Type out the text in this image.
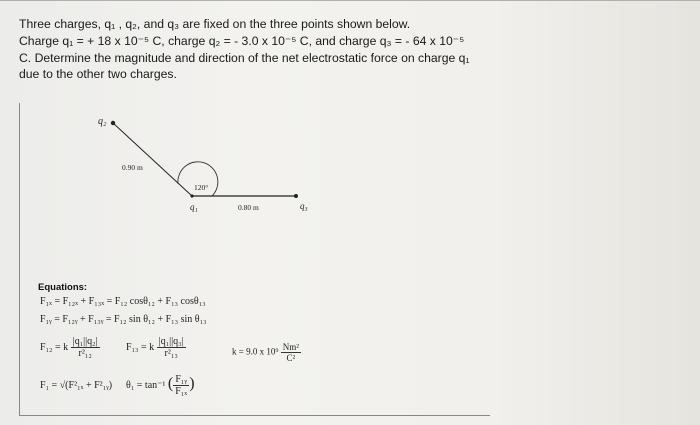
Three charges, q₁ , q₂, and q₃ are fixed on the three points shown below.

Charge q₁ = + 18 x 10⁻⁵ C, charge q₂ = - 3.0 x 10⁻⁵ C, and charge q₃ = - 64 x 10⁻⁵

C. Determine the magnitude and direction of the net electrostatic force on charge q₁

due to the other two charges.

q₂
q₁	q₃
0.90 m
0.80 m
120°
Equations:
F₁ₓ = F₁₂ₓ + F₁₃ₓ = F₁₂ cosθ₁₂ + F₁₃ cosθ₁₃
F₁ᵧ = F₁₂ᵧ + F₁₃ᵧ = F₁₂ sin θ₁₂ + F₁₃ sin θ₁₃
F₁₂ = k $\frac{\text{|q₁||q₂|}}{\text{r²₁₂}}$	F₁₃ = k $\frac{\text{|q₁||q₃|}}{\text{r²₁₃}}$	k = 9.0 x $10^9 \frac{\text{Nm²}}{\text{C²}}$
F₁ = √(F²₁ₓ + F²₁ᵧ) θ₁ = tan⁻¹ ( $\frac{\text{F₁ᵧ}}{\text{F₁ₓ}}$ )
